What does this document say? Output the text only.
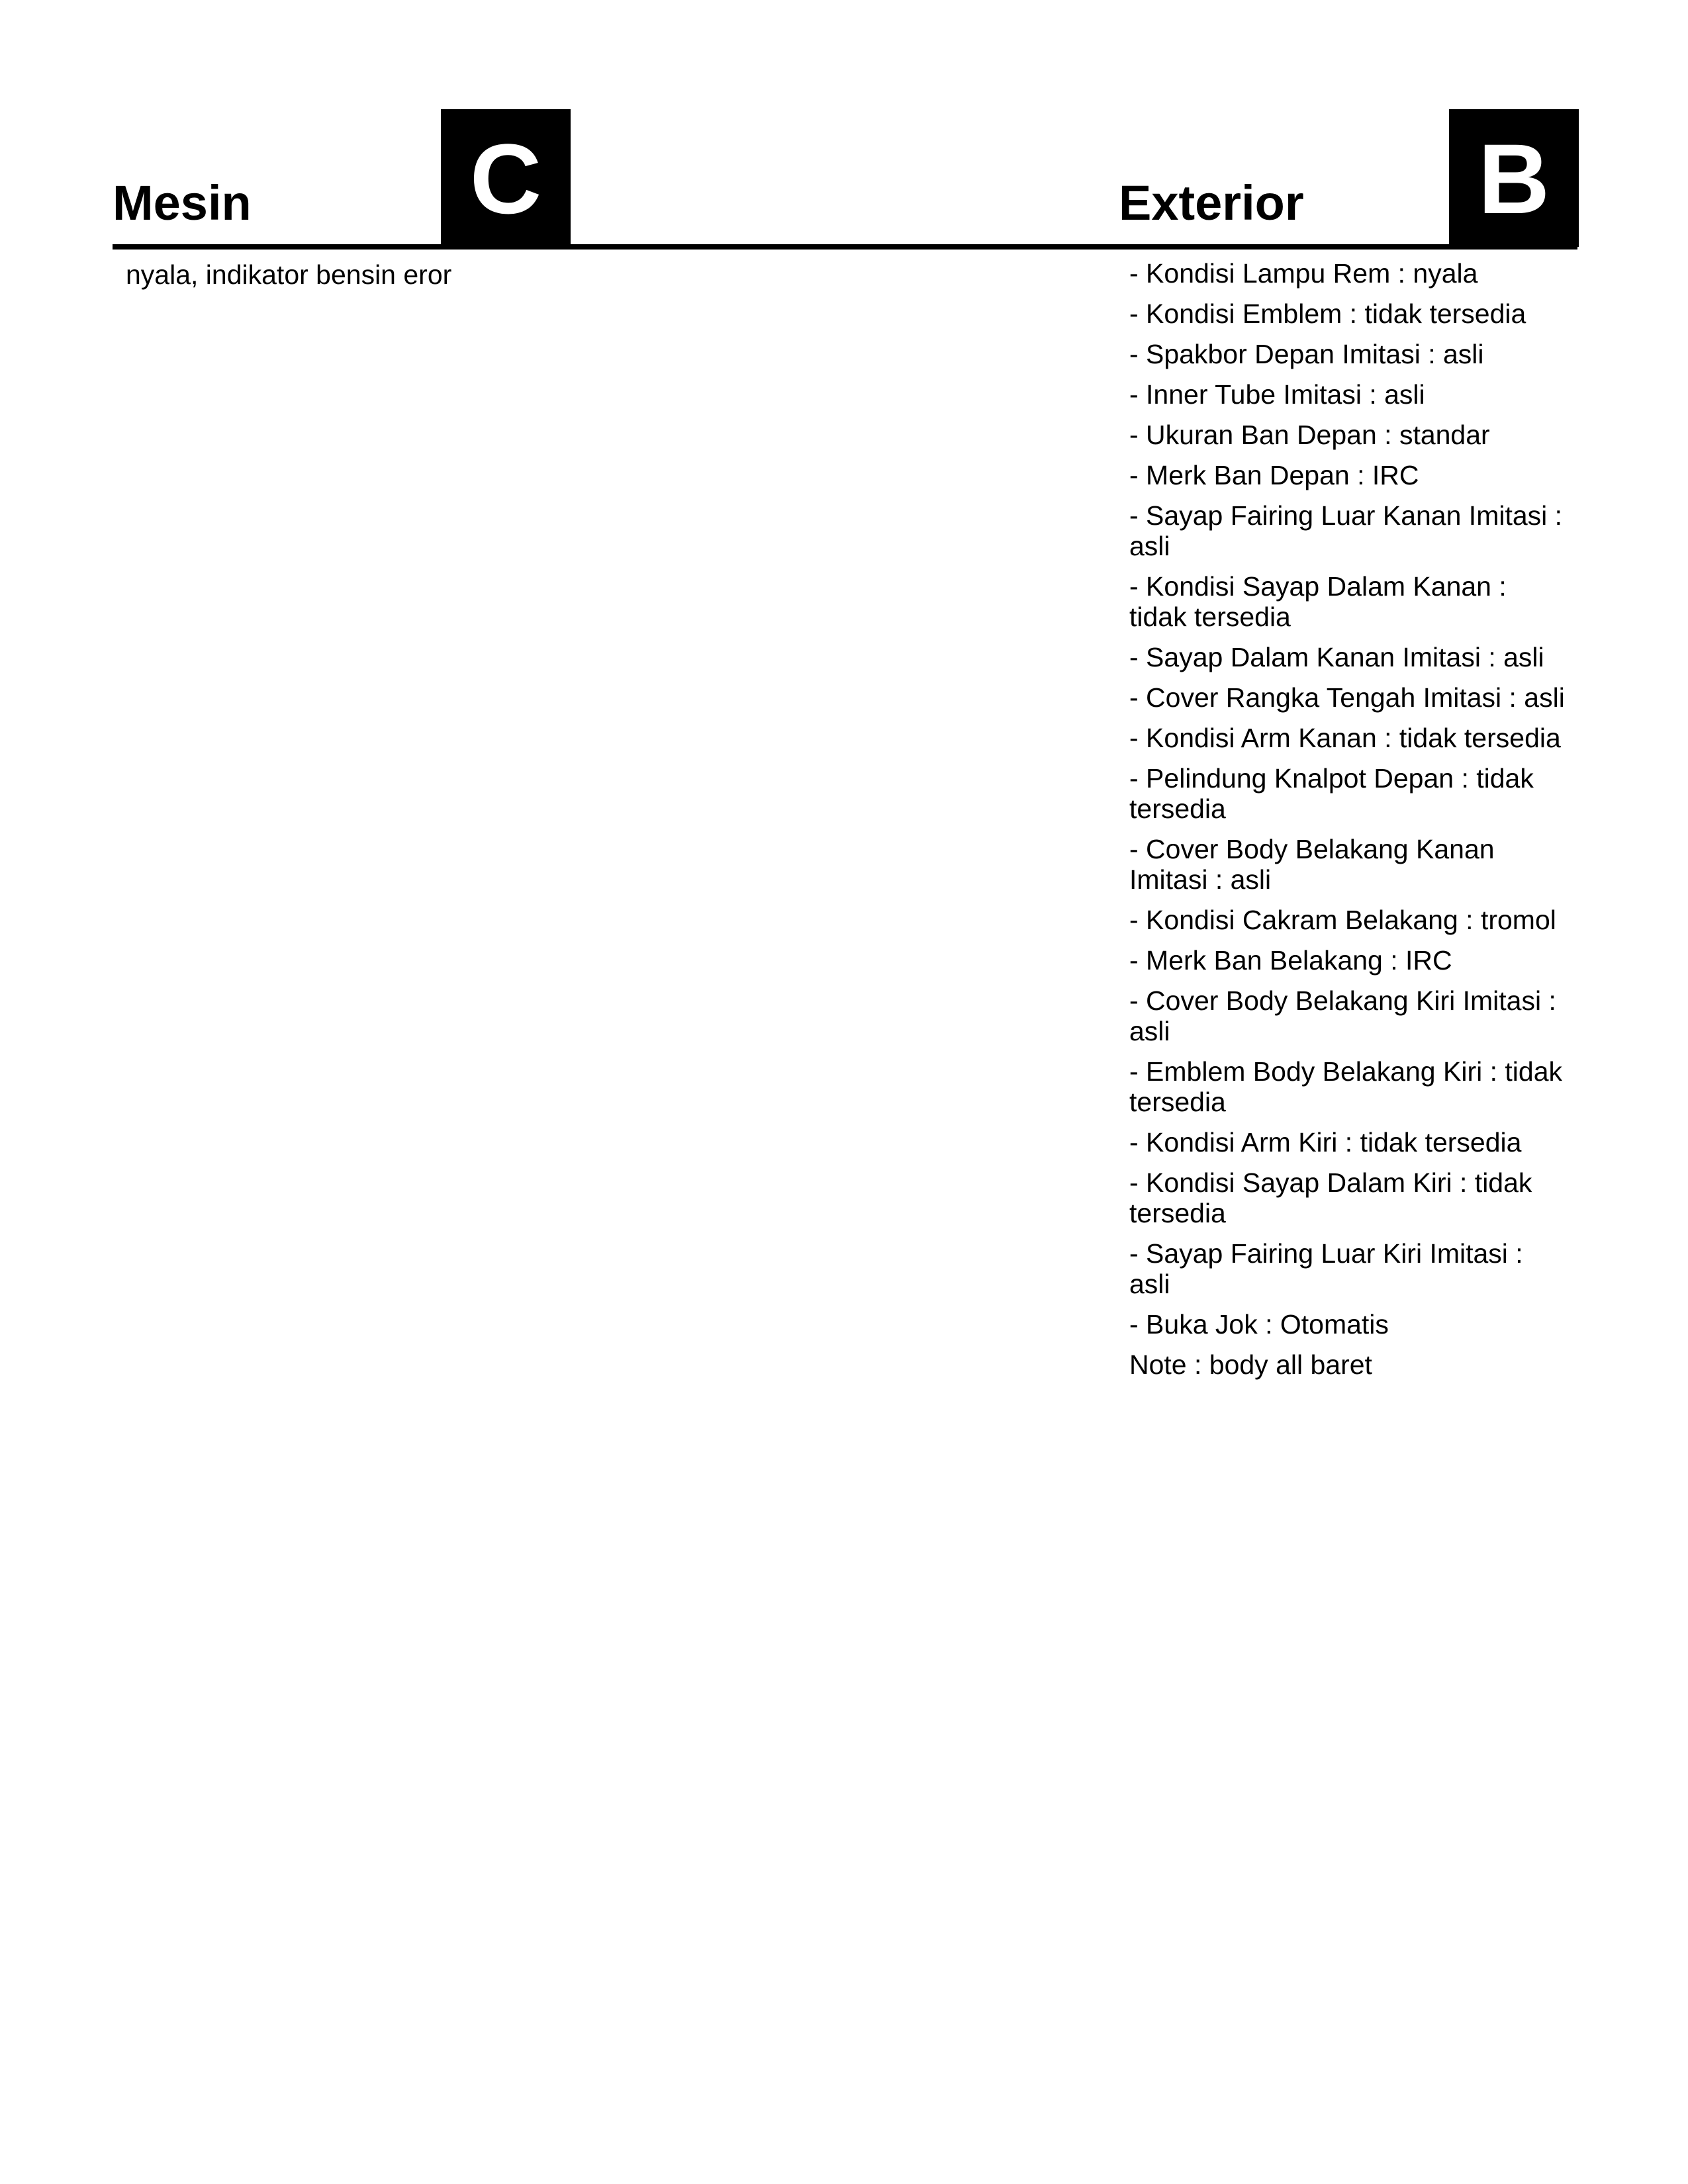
Mesin C	Exterior B

nyala, indikator bensin eror	- Kondisi Lampu Rem : nyala
- Kondisi Emblem : tidak tersedia
- Spakbor Depan Imitasi : asli
- Inner Tube Imitasi : asli
- Ukuran Ban Depan : standar
- Merk Ban Depan : IRC
- Sayap Fairing Luar Kanan Imitasi : asli
- Kondisi Sayap Dalam Kanan : tidak tersedia
- Sayap Dalam Kanan Imitasi : asli
- Cover Rangka Tengah Imitasi : asli
- Kondisi Arm Kanan : tidak tersedia
- Pelindung Knalpot Depan : tidak tersedia
- Cover Body Belakang Kanan Imitasi : asli
- Kondisi Cakram Belakang : tromol
- Merk Ban Belakang : IRC
- Cover Body Belakang Kiri Imitasi : asli
- Emblem Body Belakang Kiri : tidak tersedia
- Kondisi Arm Kiri : tidak tersedia
- Kondisi Sayap Dalam Kiri : tidak tersedia
- Sayap Fairing Luar Kiri Imitasi : asli
- Buka Jok : Otomatis
Note : body all baret
